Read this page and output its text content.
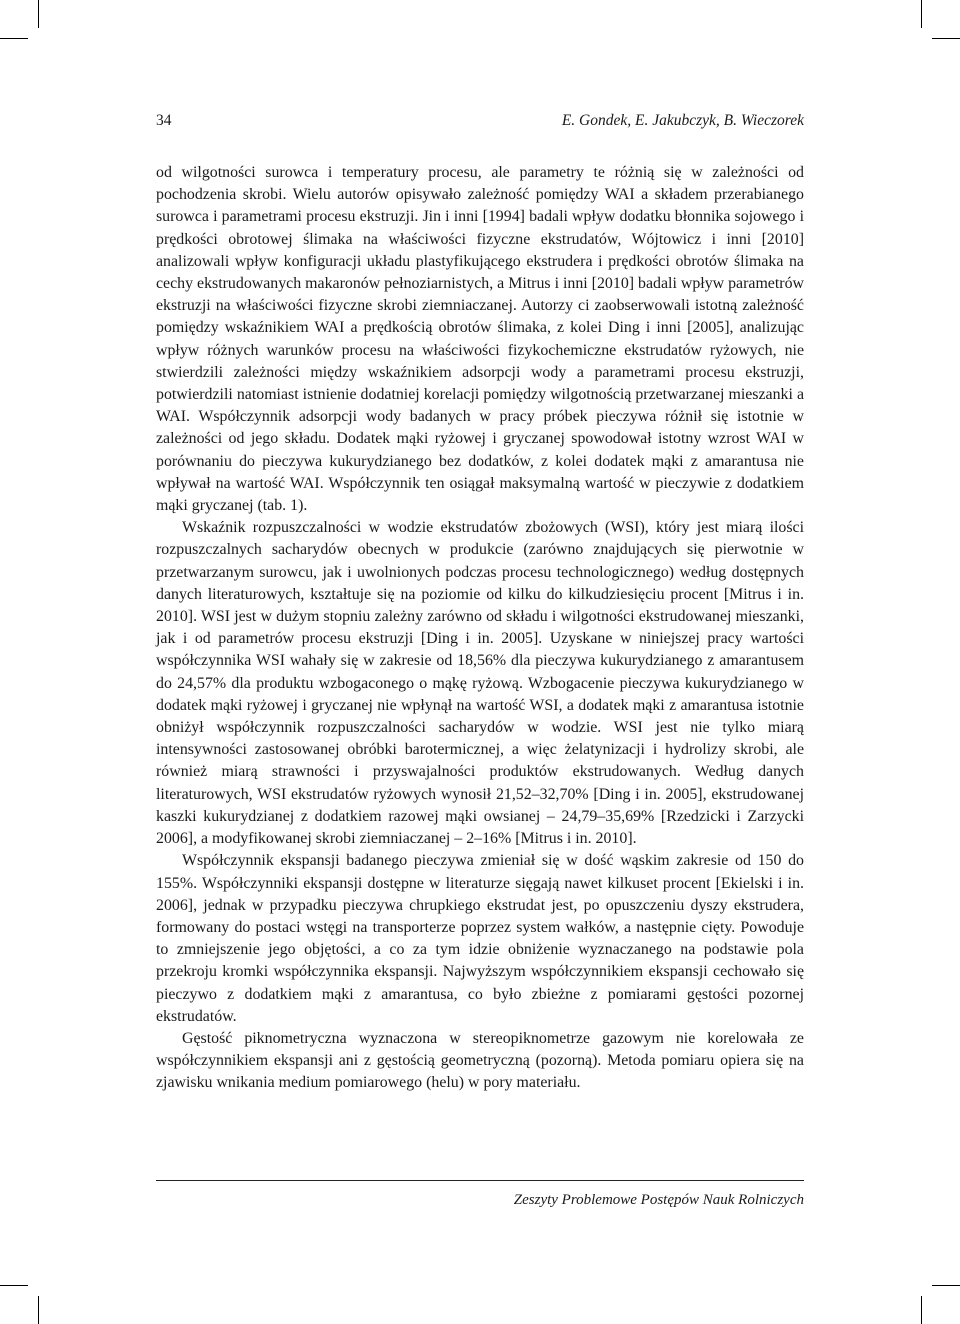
34	E. Gondek, E. Jakubczyk, B. Wieczorek

od wilgotności surowca i temperatury procesu, ale parametry te różnią się w zależności od pochodzenia skrobi. Wielu autorów opisywało zależność pomiędzy WAI a składem przerabianego surowca i parametrami procesu ekstruzji. Jin i inni [1994] badali wpływ dodatku błonnika sojowego i prędkości obrotowej ślimaka na właściwości fizyczne ekstrudatów, Wójtowicz i inni [2010] analizowali wpływ konfiguracji układu plastyfikującego ekstrudera i prędkości obrotów ślimaka na cechy ekstrudowanych makaronów pełnoziarnistych, a Mitrus i inni [2010] badali wpływ parametrów ekstruzji na właściwości fizyczne skrobi ziemniaczanej. Autorzy ci zaobserwowali istotną zależność pomiędzy wskaźnikiem WAI a prędkością obrotów ślimaka, z kolei Ding i inni [2005], analizując wpływ różnych warunków procesu na właściwości fizykochemiczne ekstrudatów ryżowych, nie stwierdzili zależności między wskaźnikiem adsorpcji wody a parametrami procesu ekstruzji, potwierdzili natomiast istnienie dodatniej korelacji pomiędzy wilgotnością przetwarzanej mieszanki a WAI. Współczynnik adsorpcji wody badanych w pracy próbek pieczywa różnił się istotnie w zależności od jego składu. Dodatek mąki ryżowej i gryczanej spowodował istotny wzrost WAI w porównaniu do pieczywa kukurydzianego bez dodatków, z kolei dodatek mąki z amarantusa nie wpływał na wartość WAI. Współczynnik ten osiągał maksymalną wartość w pieczywie z dodatkiem mąki gryczanej (tab. 1).

Wskaźnik rozpuszczalności w wodzie ekstrudatów zbożowych (WSI), który jest miarą ilości rozpuszczalnych sacharydów obecnych w produkcie (zarówno znajdujących się pierwotnie w przetwarzanym surowcu, jak i uwolnionych podczas procesu technologicznego) według dostępnych danych literaturowych, kształtuje się na poziomie od kilku do kilkudziesięciu procent [Mitrus i in. 2010]. WSI jest w dużym stopniu zależny zarówno od składu i wilgotności ekstrudowanej mieszanki, jak i od parametrów procesu ekstruzji [Ding i in. 2005]. Uzyskane w niniejszej pracy wartości współczynnika WSI wahały się w zakresie od 18,56% dla pieczywa kukurydzianego z amarantusem do 24,57% dla produktu wzbogaconego o mąkę ryżową. Wzbogacenie pieczywa kukurydzianego w dodatek mąki ryżowej i gryczanej nie wpłynął na wartość WSI, a dodatek mąki z amarantusa istotnie obniżył współczynnik rozpuszczalności sacharydów w wodzie. WSI jest nie tylko miarą intensywności zastosowanej obróbki barotermicznej, a więc żelatynizacji i hydrolizy skrobi, ale również miarą strawności i przyswajalności produktów ekstrudowanych. Według danych literaturowych, WSI ekstrudatów ryżowych wynosił 21,52–32,70% [Ding i in. 2005], ekstrudowanej kaszki kukurydzianej z dodatkiem razowej mąki owsianej – 24,79–35,69% [Rzedzicki i Zarzycki 2006], a modyfikowanej skrobi ziemniaczanej – 2–16% [Mitrus i in. 2010].

Współczynnik ekspansji badanego pieczywa zmieniał się w dość wąskim zakresie od 150 do 155%. Współczynniki ekspansji dostępne w literaturze sięgają nawet kilkuset procent [Ekielski i in. 2006], jednak w przypadku pieczywa chrupkiego ekstrudat jest, po opuszczeniu dyszy ekstrudera, formowany do postaci wstęgi na transporterze poprzez system wałków, a następnie cięty. Powoduje to zmniejszenie jego objętości, a co za tym idzie obniżenie wyznaczanego na podstawie pola przekroju kromki współczynnika ekspansji. Najwyższym współczynnikiem ekspansji cechowało się pieczywo z dodatkiem mąki z amarantusa, co było zbieżne z pomiarami gęstości pozornej ekstrudatów.

Gęstość piknometryczna wyznaczona w stereopiknometrze gazowym nie korelowała ze współczynnikiem ekspansji ani z gęstością geometryczną (pozorną). Metoda pomiaru opiera się na zjawisku wnikania medium pomiarowego (helu) w pory materiału.

Zeszyty Problemowe Postępów Nauk Rolniczych
